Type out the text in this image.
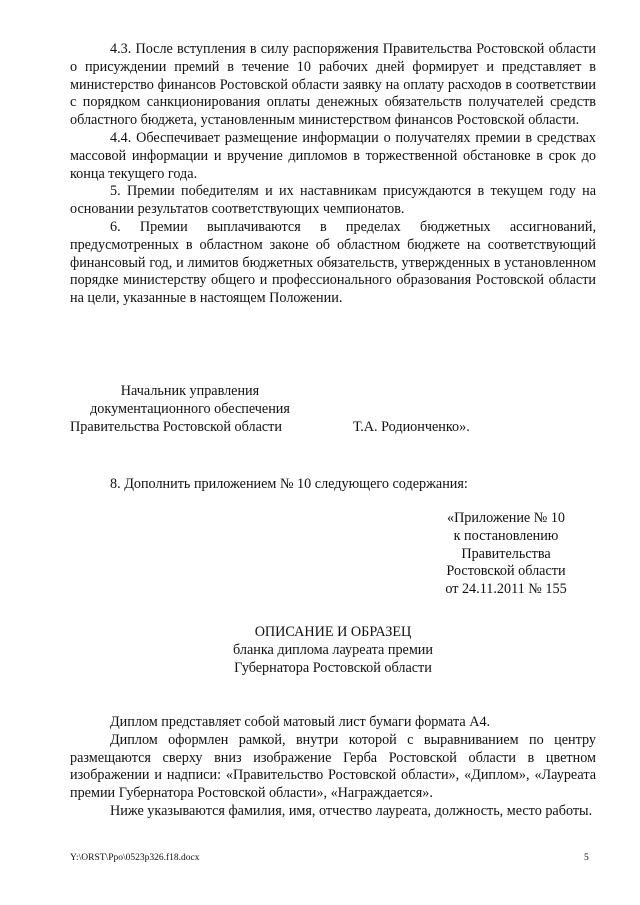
4.3. После вступления в силу распоряжения Правительства Ростовской области о присуждении премий в течение 10 рабочих дней формирует и представляет в министерство финансов Ростовской области заявку на оплату расходов в соответствии с порядком санкционирования оплаты денежных обязательств получателей средств областного бюджета, установленным министерством финансов Ростовской области.

4.4. Обеспечивает размещение информации о получателях премии в средствах массовой информации и вручение дипломов в торжественной обстановке в срок до конца текущего года.

5. Премии победителям и их наставникам присуждаются в текущем году на основании результатов соответствующих чемпионатов.

6. Премии выплачиваются в пределах бюджетных ассигнований, предусмотренных в областном законе об областном бюджете на соответствующий финансовый год, и лимитов бюджетных обязательств, утвержденных в установленном порядке министерству общего и профессионального образования Ростовской области на цели, указанные в настоящем Положении.

Начальник управления
документационного обеспечения
Правительства Ростовской области	Т.А. Родионченко».
8. Дополнить приложением № 10 следующего содержания:
«Приложение № 10
к постановлению
Правительства
Ростовской области
от 24.11.2011 № 155
ОПИСАНИЕ И ОБРАЗЕЦ
бланка диплома лауреата премии
Губернатора Ростовской области

Диплом представляет собой матовый лист бумаги формата А4.

Диплом оформлен рамкой, внутри которой с выравниванием по центру размещаются сверху вниз изображение Герба Ростовской области в цветном изображении и надписи: «Правительство Ростовской области», «Диплом», «Лауреата премии Губернатора Ростовской области», «Награждается».

Ниже указываются фамилия, имя, отчество лауреата, должность, место работы.

Y:\ORST\Ppo\0523p326.f18.docx	5
